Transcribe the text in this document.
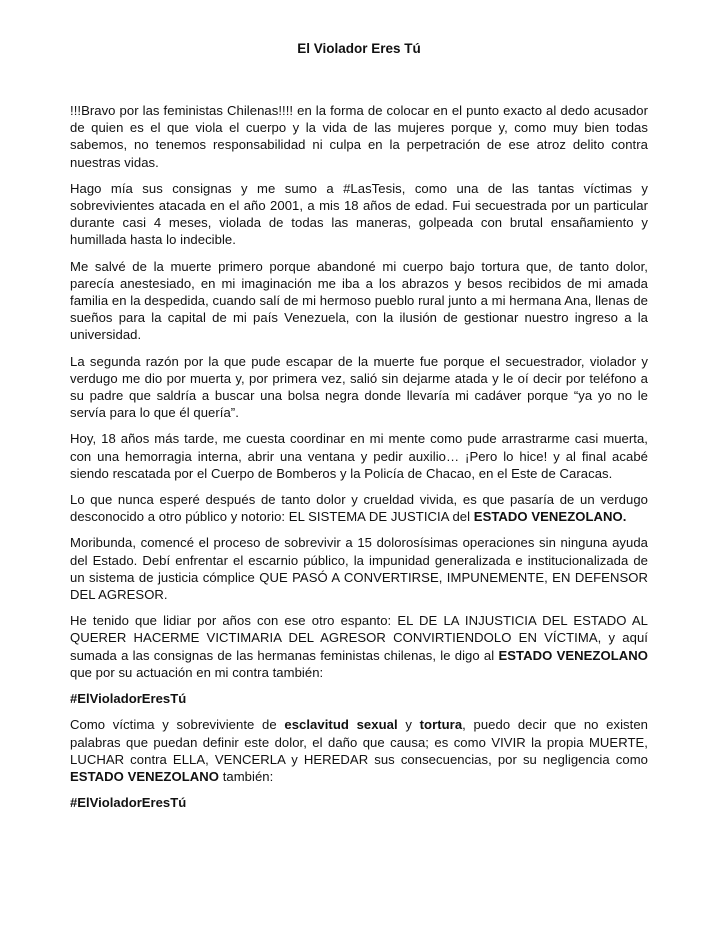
El Violador Eres Tú

!!!Bravo por las feministas Chilenas!!!! en la forma de colocar en el punto exacto al dedo acusador de quien es el que viola el cuerpo y la vida de las mujeres porque y, como muy bien todas sabemos, no tenemos responsabilidad ni culpa en la perpetración de ese atroz delito contra nuestras vidas.

Hago mía sus consignas y me sumo a #LasTesis, como una de las tantas víctimas y sobrevivientes atacada en el año 2001, a mis 18 años de edad. Fui secuestrada por un particular durante casi 4 meses, violada de todas las maneras, golpeada con brutal ensañamiento y humillada hasta lo indecible.

Me salvé de la muerte primero porque abandoné mi cuerpo bajo tortura que, de tanto dolor, parecía anestesiado, en mi imaginación me iba a los abrazos y besos recibidos de mi amada familia en la despedida, cuando salí de mi hermoso pueblo rural junto a mi hermana Ana, llenas de sueños para la capital de mi país Venezuela, con la ilusión de gestionar nuestro ingreso a la universidad.

La segunda razón por la que pude escapar de la muerte fue porque el secuestrador, violador y verdugo me dio por muerta y, por primera vez, salió sin dejarme atada y le oí decir por teléfono a su padre que saldría a buscar una bolsa negra donde llevaría mi cadáver porque “ya yo no le servía para lo que él quería”.

Hoy, 18 años más tarde, me cuesta coordinar en mi mente como pude arrastrarme casi muerta, con una hemorragia interna, abrir una ventana y pedir auxilio… ¡Pero lo hice! y al final acabé siendo rescatada por el Cuerpo de Bomberos y la Policía de Chacao, en el Este de Caracas.

Lo que nunca esperé después de tanto dolor y crueldad vivida, es que pasaría de un verdugo desconocido a otro público y notorio: EL SISTEMA DE JUSTICIA del ESTADO VENEZOLANO.

Moribunda, comencé el proceso de sobrevivir a 15 dolorosísimas operaciones sin ninguna ayuda del Estado. Debí enfrentar el escarnio público, la impunidad generalizada e institucionalizada de un sistema de justicia cómplice QUE PASÓ A CONVERTIRSE, IMPUNEMENTE, EN DEFENSOR DEL AGRESOR.

He tenido que lidiar por años con ese otro espanto: EL DE LA INJUSTICIA DEL ESTADO AL QUERER HACERME VICTIMARIA DEL AGRESOR CONVIRTIENDOLO EN VÍCTIMA, y aquí sumada a las consignas de las hermanas feministas chilenas, le digo al ESTADO VENEZOLANO que por su actuación en mi contra también:

#ElVioladorEresTú

Como víctima y sobreviviente de esclavitud sexual y tortura, puedo decir que no existen palabras que puedan definir este dolor, el daño que causa; es como VIVIR la propia MUERTE, LUCHAR contra ELLA, VENCERLA y HEREDAR sus consecuencias, por su negligencia como ESTADO VENEZOLANO también:

#ElVioladorEresTú
